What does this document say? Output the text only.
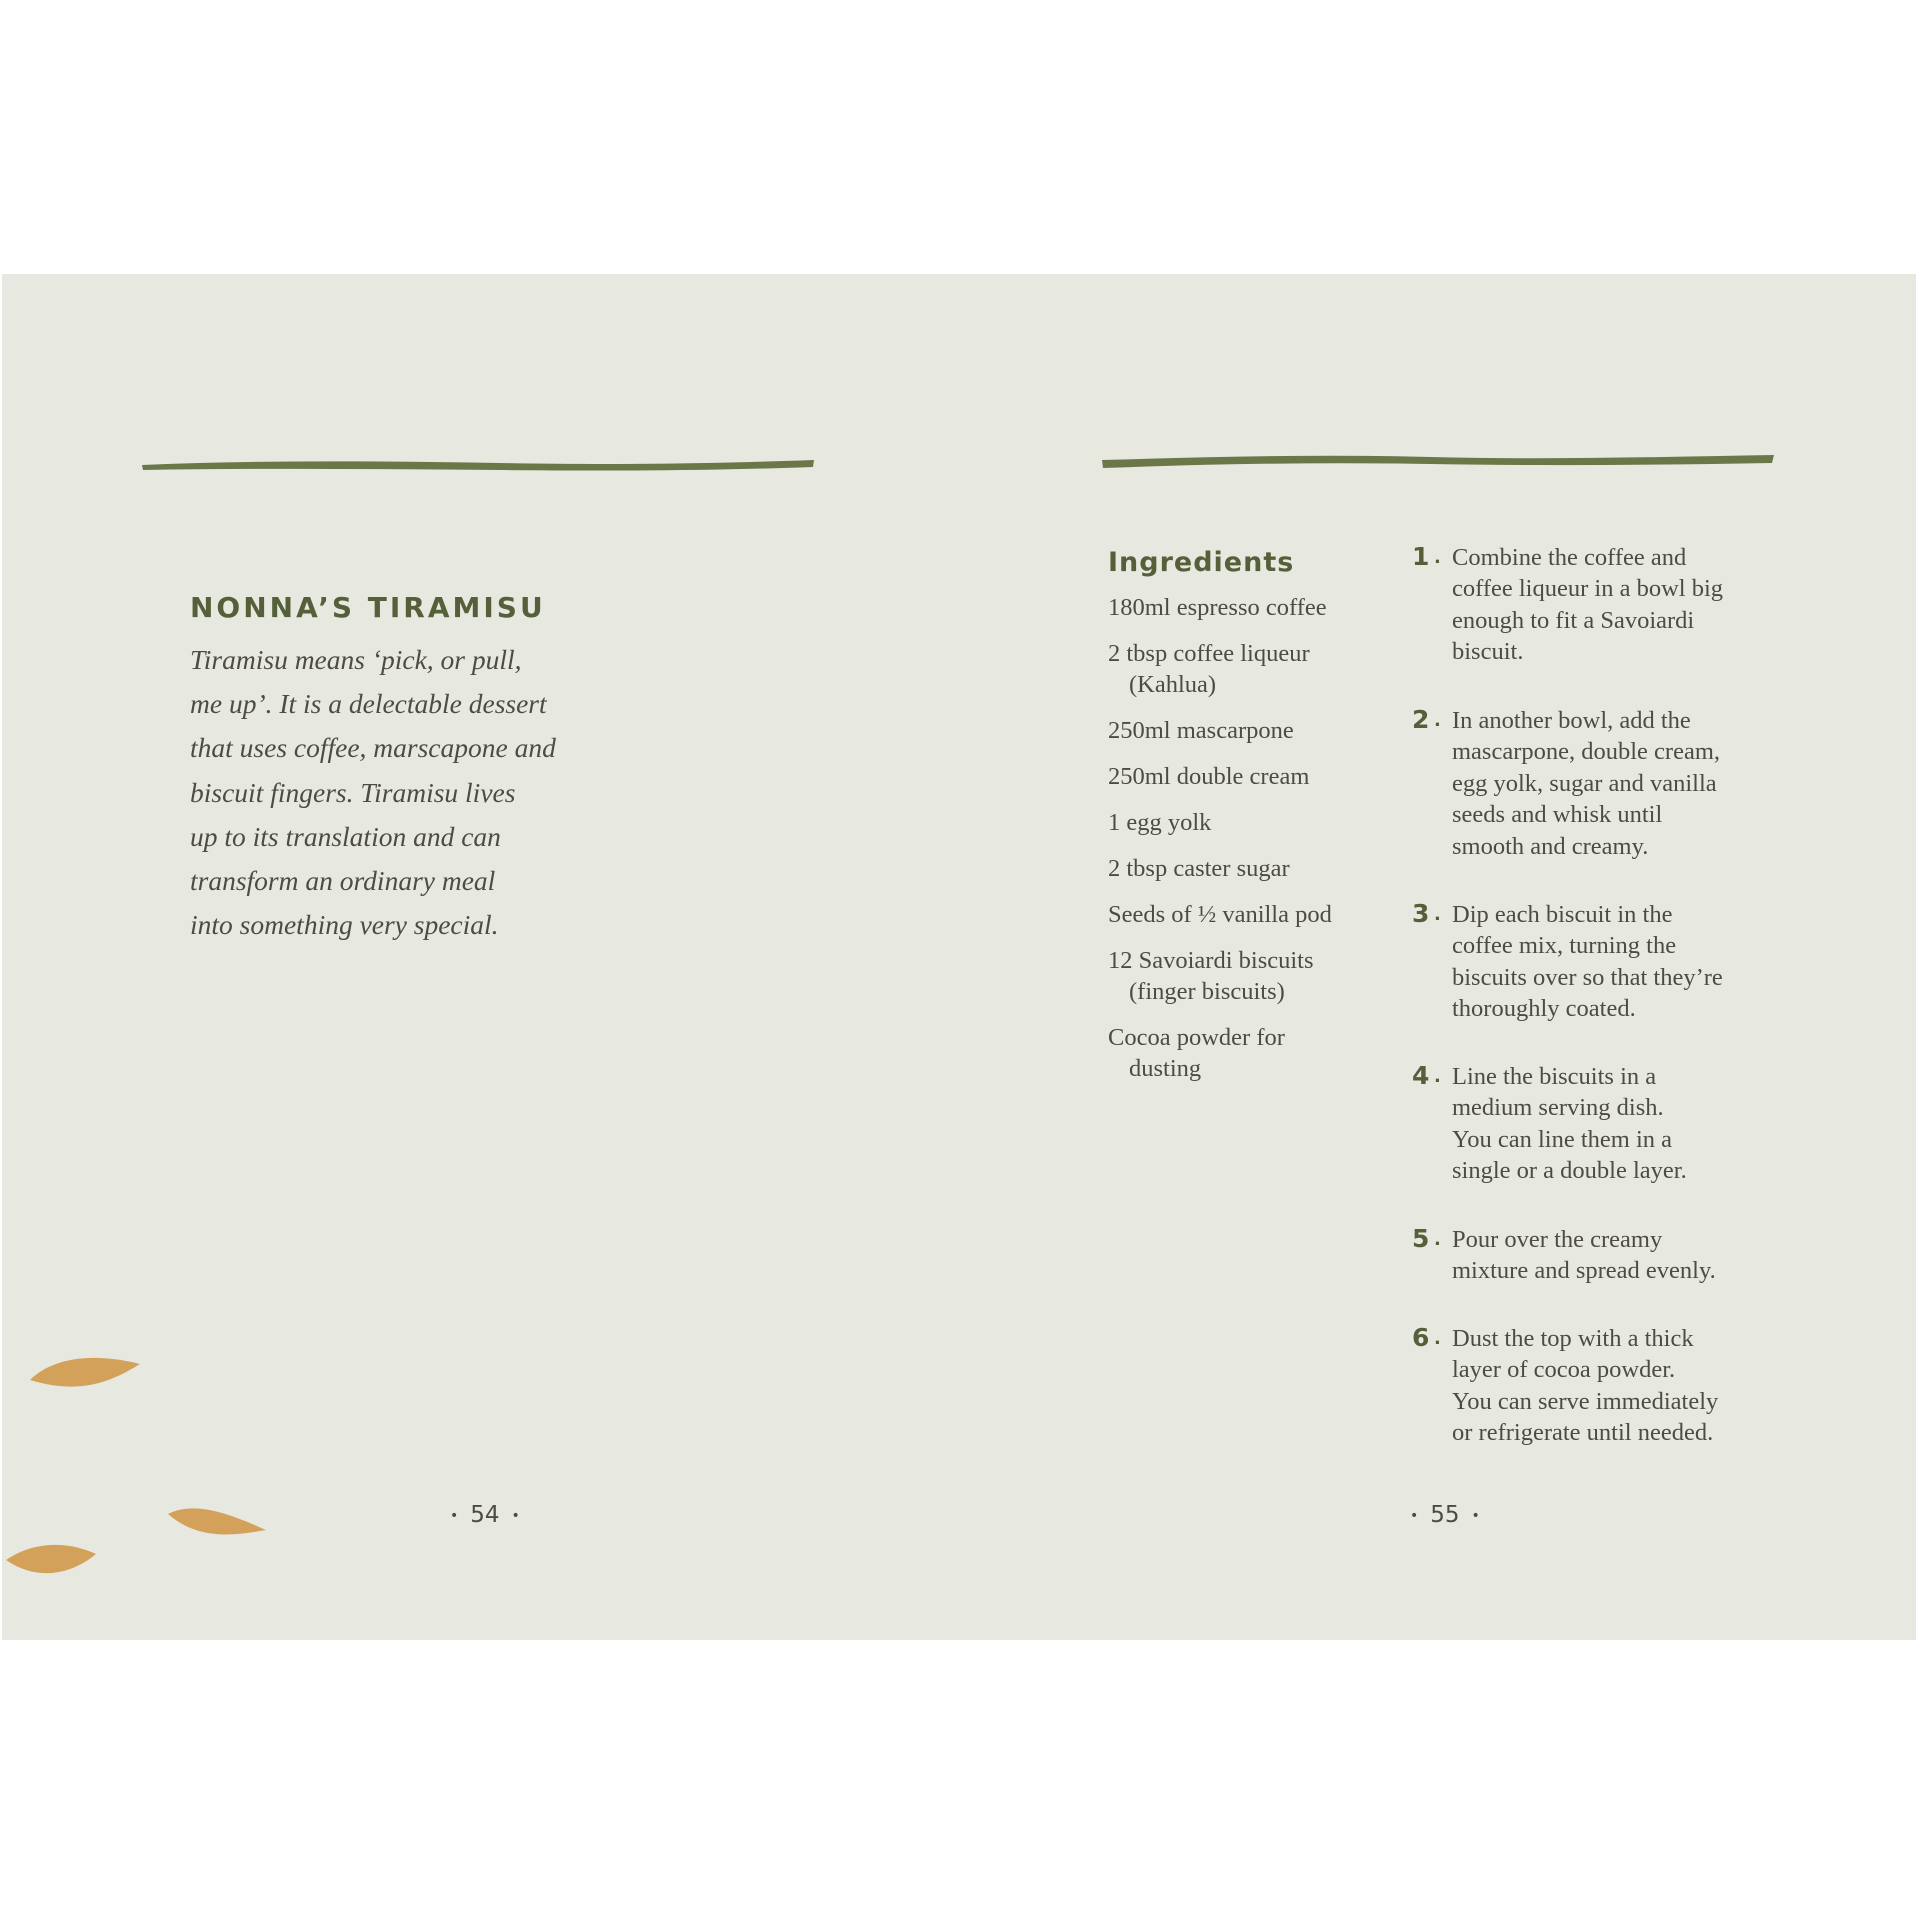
NONNA’S TIRAMISU

Tiramisu means ‘pick, or pull,
me up’. It is a delectable dessert
that uses coffee, marscapone and
biscuit fingers. Tiramisu lives
up to its translation and can
transform an ordinary meal
into something very special.

• 54 •
Ingredients
180ml espresso coffee
2 tbsp coffee liqueur
(Kahlua)
250ml mascarpone
250ml double cream
1 egg yolk
2 tbsp caster sugar
Seeds of ½ vanilla pod
12 Savoiardi biscuits
(finger biscuits)
Cocoa powder for
dusting
1 . Combine the coffee and
coffee liqueur in a bowl big
enough to fit a Savoiardi
biscuit.
2 . In another bowl, add the
mascarpone, double cream,
egg yolk, sugar and vanilla
seeds and whisk until
smooth and creamy.
3 . Dip each biscuit in the
coffee mix, turning the
biscuits over so that they’re
thoroughly coated.
4 . Line the biscuits in a
medium serving dish.
You can line them in a
single or a double layer.
5 . Pour over the creamy
mixture and spread evenly.
6 . Dust the top with a thick
layer of cocoa powder.
You can serve immediately
or refrigerate until needed.
• 55 •
